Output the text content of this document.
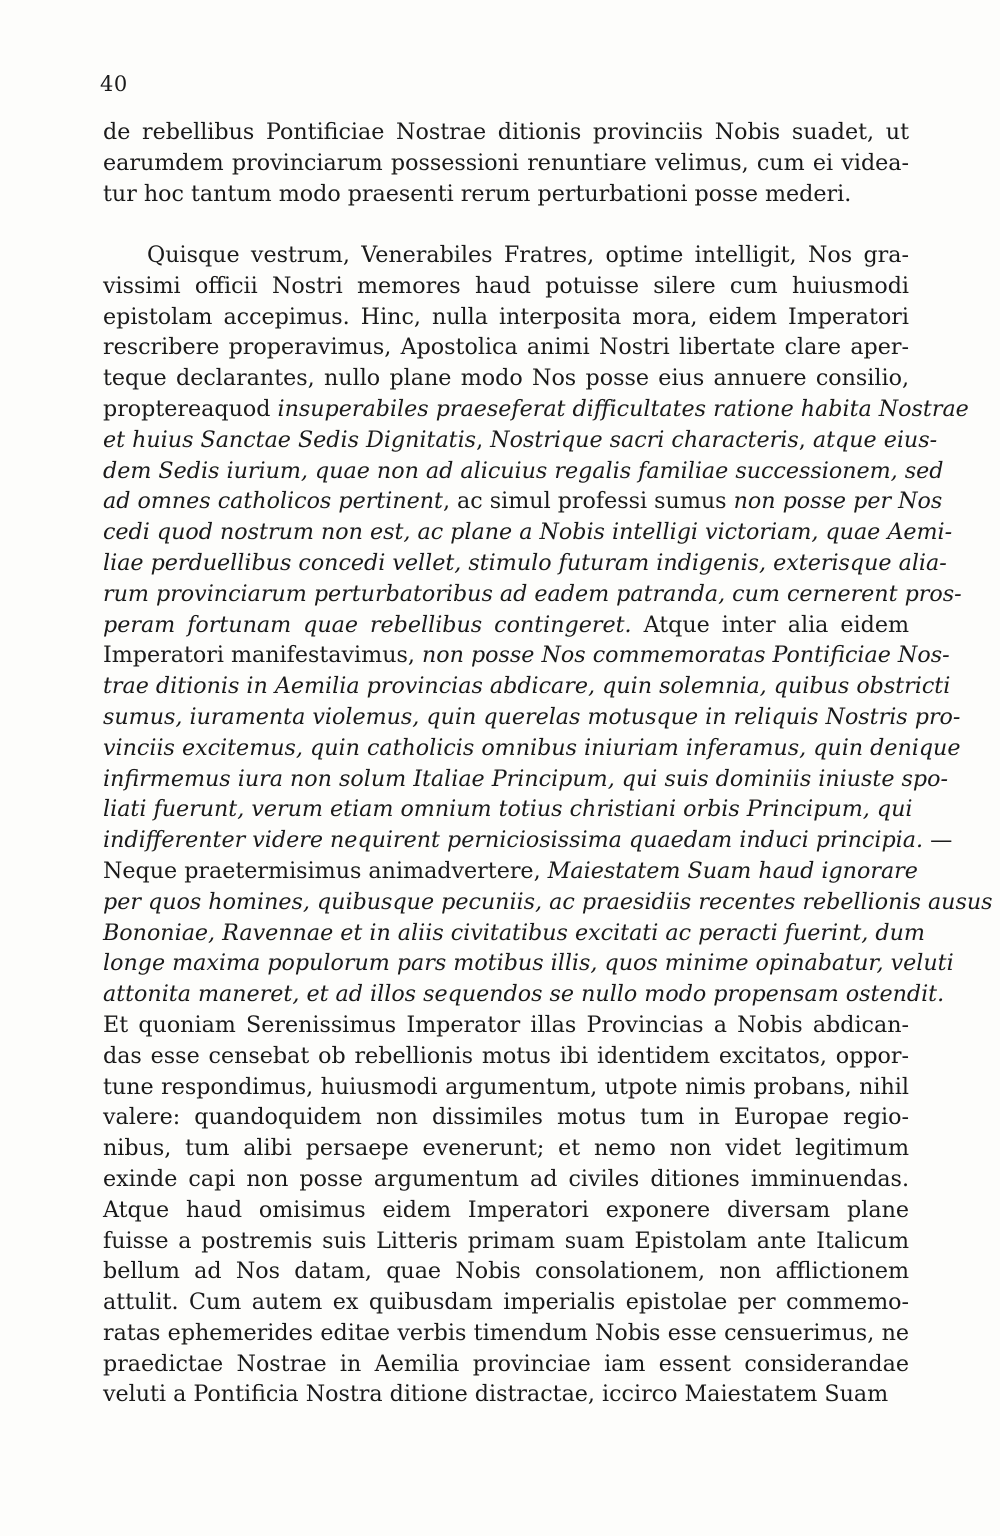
40
de rebellibus Pontificiae Nostrae ditionis provinciis Nobis suadet, ut
earumdem provinciarum possessioni renuntiare velimus, cum ei videa-
tur hoc tantum modo praesenti rerum perturbationi posse mederi.
Quisque vestrum, Venerabiles Fratres, optime intelligit, Nos gra-
vissimi officii Nostri memores haud potuisse silere cum huiusmodi
epistolam accepimus. Hinc, nulla interposita mora, eidem Imperatori
rescribere properavimus, Apostolica animi Nostri libertate clare aper-
teque declarantes, nullo plane modo Nos posse eius annuere consilio,
proptereaquod insuperabiles praeseferat difficultates ratione habita Nostrae
et huius Sanctae Sedis Dignitatis, Nostrique sacri characteris, atque eius-
dem Sedis iurium, quae non ad alicuius regalis familiae successionem, sed
ad omnes catholicos pertinent, ac simul professi sumus non posse per Nos
cedi quod nostrum non est, ac plane a Nobis intelligi victoriam, quae Aemi-
liae perduellibus concedi vellet, stimulo futuram indigenis, exterisque alia-
rum provinciarum perturbatoribus ad eadem patranda, cum cernerent pros-
peram fortunam quae rebellibus contingeret. Atque inter alia eidem
Imperatori manifestavimus, non posse Nos commemoratas Pontificiae Nos-
trae ditionis in Aemilia provincias abdicare, quin solemnia, quibus obstricti
sumus, iuramenta violemus, quin querelas motusque in reliquis Nostris pro-
vinciis excitemus, quin catholicis omnibus iniuriam inferamus, quin denique
infirmemus iura non solum Italiae Principum, qui suis dominiis iniuste spo-
liati fuerunt, verum etiam omnium totius christiani orbis Principum, qui
indifferenter videre nequirent perniciosissima quaedam induci principia. —
Neque praetermisimus animadvertere, Maiestatem Suam haud ignorare
per quos homines, quibusque pecuniis, ac praesidiis recentes rebellionis ausus
Bononiae, Ravennae et in aliis civitatibus excitati ac peracti fuerint, dum
longe maxima populorum pars motibus illis, quos minime opinabatur, veluti
attonita maneret, et ad illos sequendos se nullo modo propensam ostendit.
Et quoniam Serenissimus Imperator illas Provincias a Nobis abdican-
das esse censebat ob rebellionis motus ibi identidem excitatos, oppor-
tune respondimus, huiusmodi argumentum, utpote nimis probans, nihil
valere: quandoquidem non dissimiles motus tum in Europae regio-
nibus, tum alibi persaepe evenerunt; et nemo non videt legitimum
exinde capi non posse argumentum ad civiles ditiones imminuendas.
Atque haud omisimus eidem Imperatori exponere diversam plane
fuisse a postremis suis Litteris primam suam Epistolam ante Italicum
bellum ad Nos datam, quae Nobis consolationem, non afflictionem
attulit. Cum autem ex quibusdam imperialis epistolae per commemo-
ratas ephemerides editae verbis timendum Nobis esse censuerimus, ne
praedictae Nostrae in Aemilia provinciae iam essent considerandae
veluti a Pontificia Nostra ditione distractae, iccirco Maiestatem Suam
